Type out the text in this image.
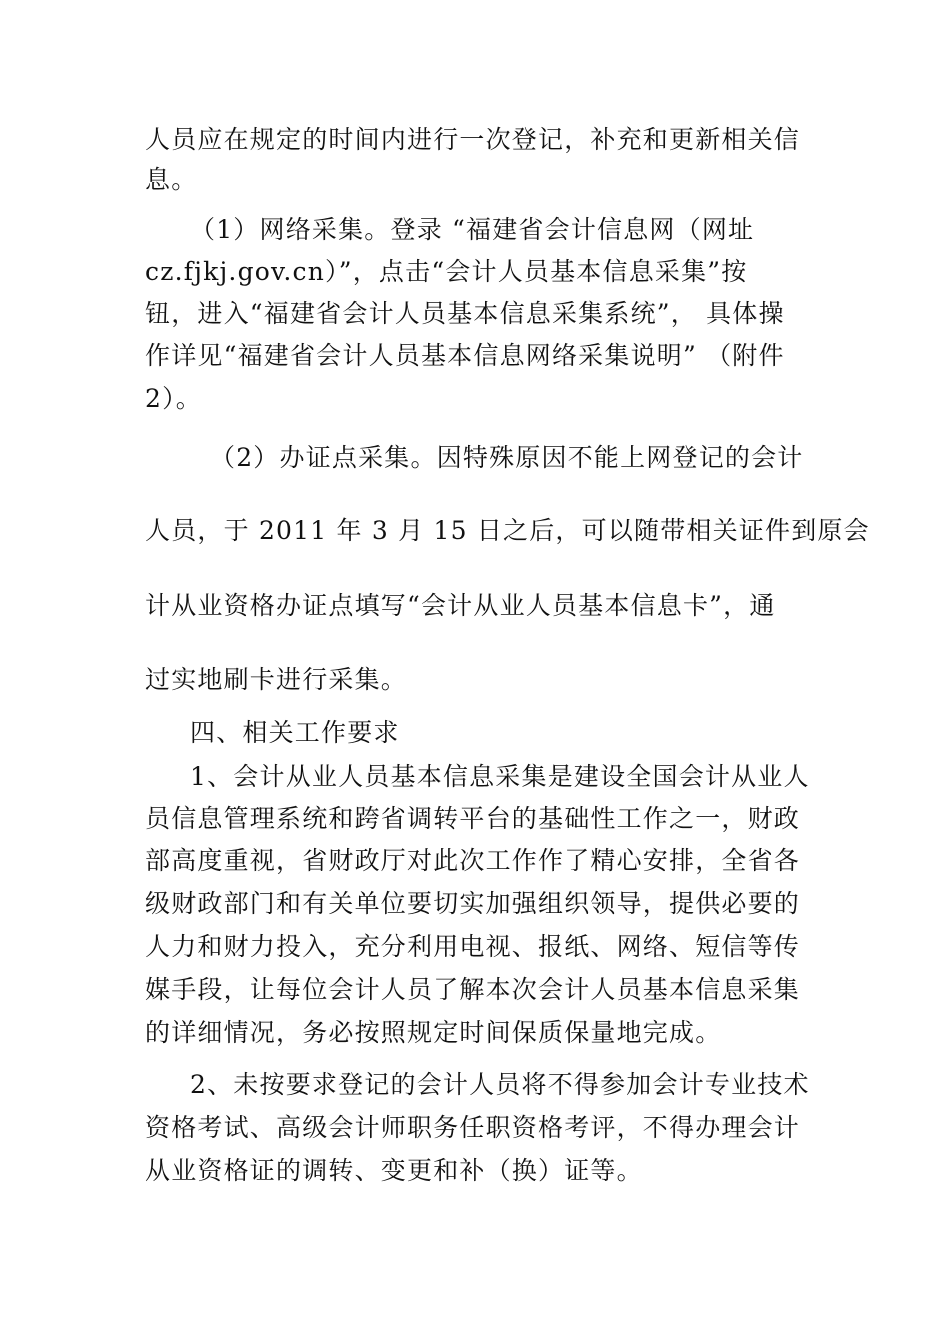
人员应在规定的时间内进行一次登记，补充和更新相关信
息。
（1）网络采集。登录 “福建省会计信息网（网址
cz.fjkj.gov.cn）”，点击“会计人员基本信息采集”按
钮，进入“福建省会计人员基本信息采集系统”， 具体操
作详见“福建省会计人员基本信息网络采集说明” （附件
2）。
（2）办证点采集。因特殊原因不能上网登记的会计
人员，于 2011 年 3 月 15 日之后，可以随带相关证件到原会
计从业资格办证点填写“会计从业人员基本信息卡”，通
过实地刷卡进行采集。
四、相关工作要求
1、会计从业人员基本信息采集是建设全国会计从业人
员信息管理系统和跨省调转平台的基础性工作之一，财政
部高度重视，省财政厅对此次工作作了精心安排，全省各
级财政部门和有关单位要切实加强组织领导，提供必要的
人力和财力投入，充分利用电视、报纸、网络、短信等传
媒手段，让每位会计人员了解本次会计人员基本信息采集
的详细情况，务必按照规定时间保质保量地完成。
2、未按要求登记的会计人员将不得参加会计专业技术
资格考试、高级会计师职务任职资格考评，不得办理会计
从业资格证的调转、变更和补（换）证等。
